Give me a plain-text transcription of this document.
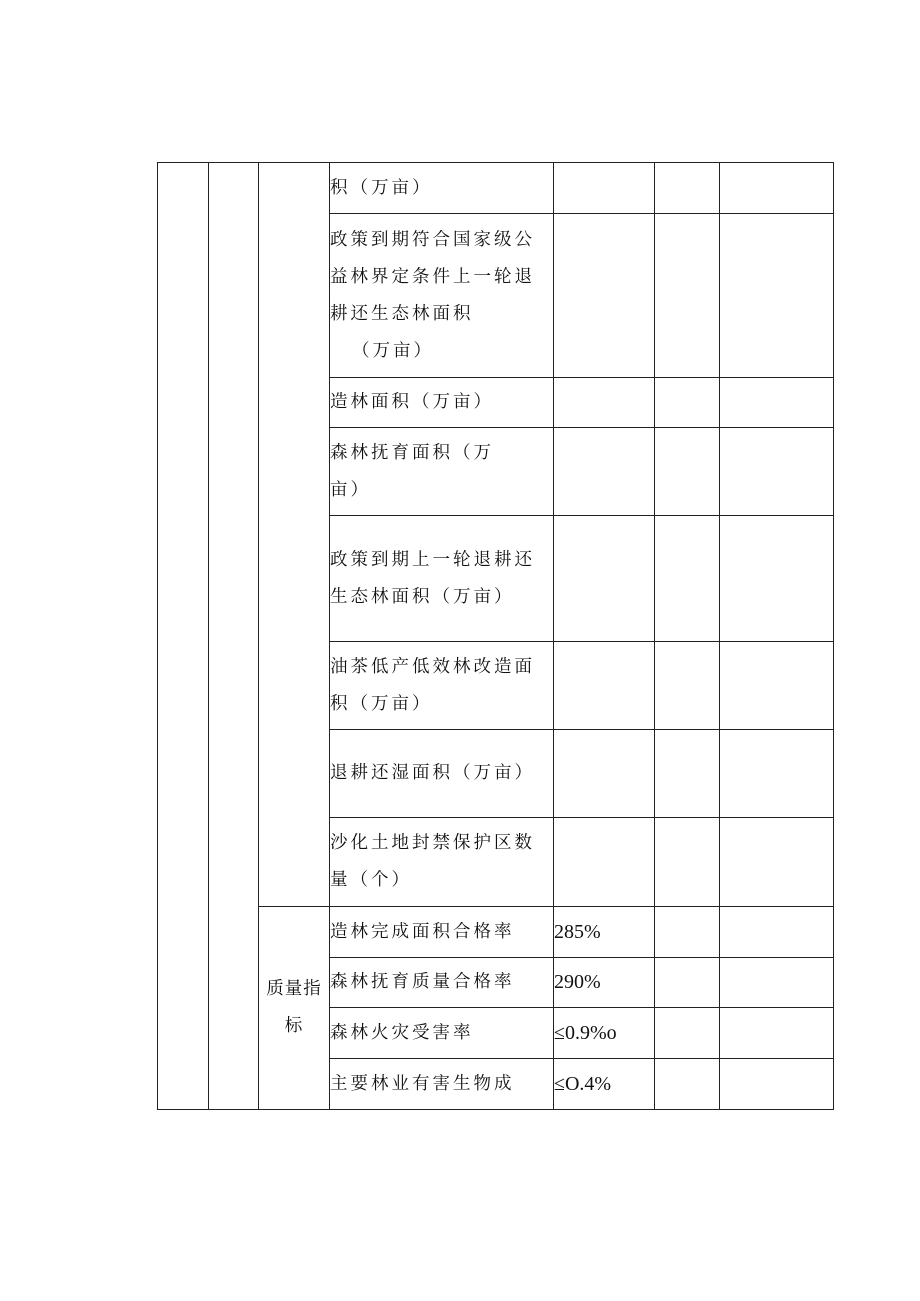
			积（万亩）			

			政策到期符合国家级公
益林界定条件上一轮退
耕还生态林面积
（万亩）			

			造林面积（万亩）			

			森林抚育面积（万
亩）			

			政策到期上一轮退耕还
生态林面积（万亩）			

			油茶低产低效林改造面
积（万亩）			

			退耕还湿面积（万亩）			

			沙化土地封禁保护区数
量（个）			

		质量指
标	造林完成面积合格率	285%		
			森林抚育质量合格率	290%		
			森林火灾受害率	≤0.9%o		
			主要林业有害生物成	≤O.4%		
